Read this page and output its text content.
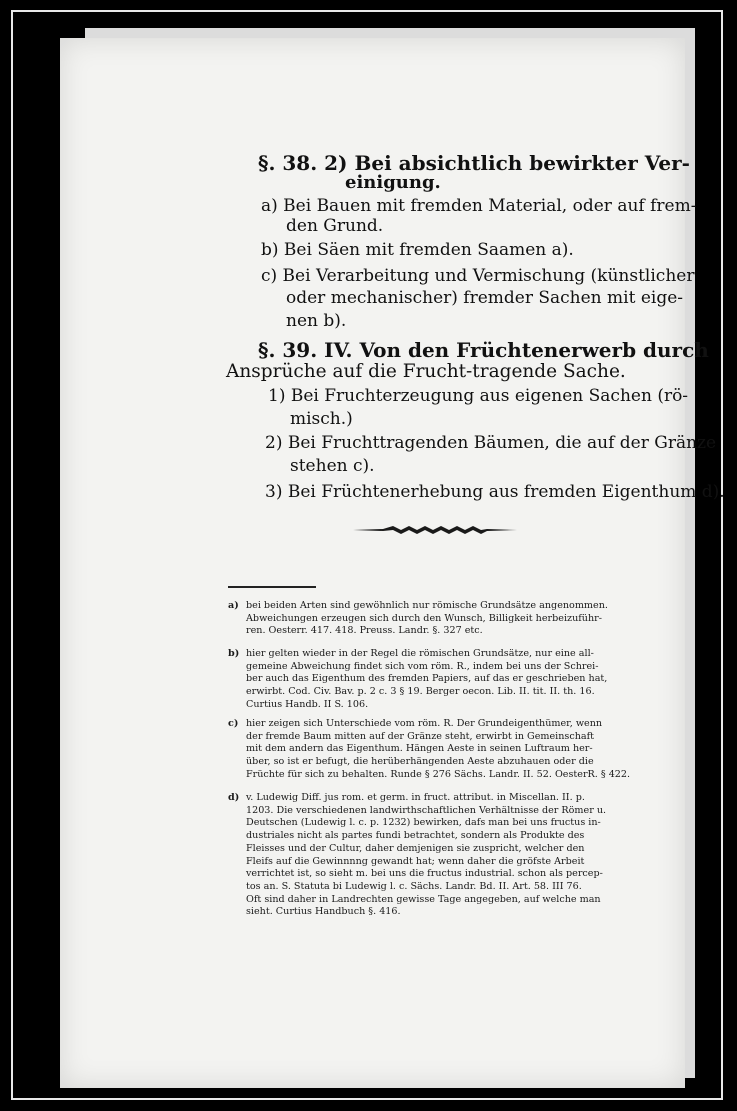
§. 38. 2) Bei absichtlich bewirkter Ver-
einigung.
a) Bei Bauen mit fremden Material, oder auf frem-
den Grund.
b) Bei Säen mit fremden Saamen a).
c) Bei Verarbeitung und Vermischung (künstlicher
oder mechanischer) fremder Sachen mit eige-
nen b).
§. 39. IV. Von den Früchtenerwerb durch
Ansprüche auf die Frucht-tragende Sache.
1) Bei Fruchterzeugung aus eigenen Sachen (rö-
misch.)
2) Bei Fruchttragenden Bäumen, die auf der Gränze
stehen c).
3) Bei Früchtenerhebung aus fremden Eigenthum d).
a) bei beiden Arten sind gewöhnlich nur römische Grundsätze angenommen.
Abweichungen erzeugen sich durch den Wunsch, Billigkeit herbeizuführ-
ren. Oesterr. 417. 418. Preuss. Landr. §. 327 etc.
b) hier gelten wieder in der Regel die römischen Grundsätze, nur eine all-
gemeine Abweichung findet sich vom röm. R., indem bei uns der Schrei-
ber auch das Eigenthum des fremden Papiers, auf das er geschrieben hat,
erwirbt. Cod. Civ. Bav. p. 2 c. 3 § 19. Berger oecon. Lib. II. tit. II. th. 16.
Curtius Handb. II S. 106.
c) hier zeigen sich Unterschiede vom röm. R. Der Grundeigenthümer, wenn
der fremde Baum mitten auf der Gränze steht, erwirbt in Gemeinschaft
mit dem andern das Eigenthum. Hängen Aeste in seinen Luftraum her-
über, so ist er befugt, die herüberhängenden Aeste abzuhauen oder die
Früchte für sich zu behalten. Runde § 276 Sächs. Landr. II. 52. OesterR. § 422.
d) v. Ludewig Diff. jus rom. et germ. in fruct. attribut. in Miscellan. II. p.
1203. Die verschiedenen landwirthschaftlichen Verhältnisse der Römer u.
Deutschen (Ludewig l. c. p. 1232) bewirken, dafs man bei uns fructus in-
dustriales nicht als partes fundi betrachtet, sondern als Produkte des
Fleisses und der Cultur, daher demjenigen sie zuspricht, welcher den
Fleifs auf die Gewinnnng gewandt hat; wenn daher die gröfste Arbeit
verrichtet ist, so sieht m. bei uns die fructus industrial. schon als percep-
tos an. S. Statuta bi Ludewig l. c. Sächs. Landr. Bd. II. Art. 58. III 76.
Oft sind daher in Landrechten gewisse Tage angegeben, auf welche man
sieht. Curtius Handbuch §. 416.
